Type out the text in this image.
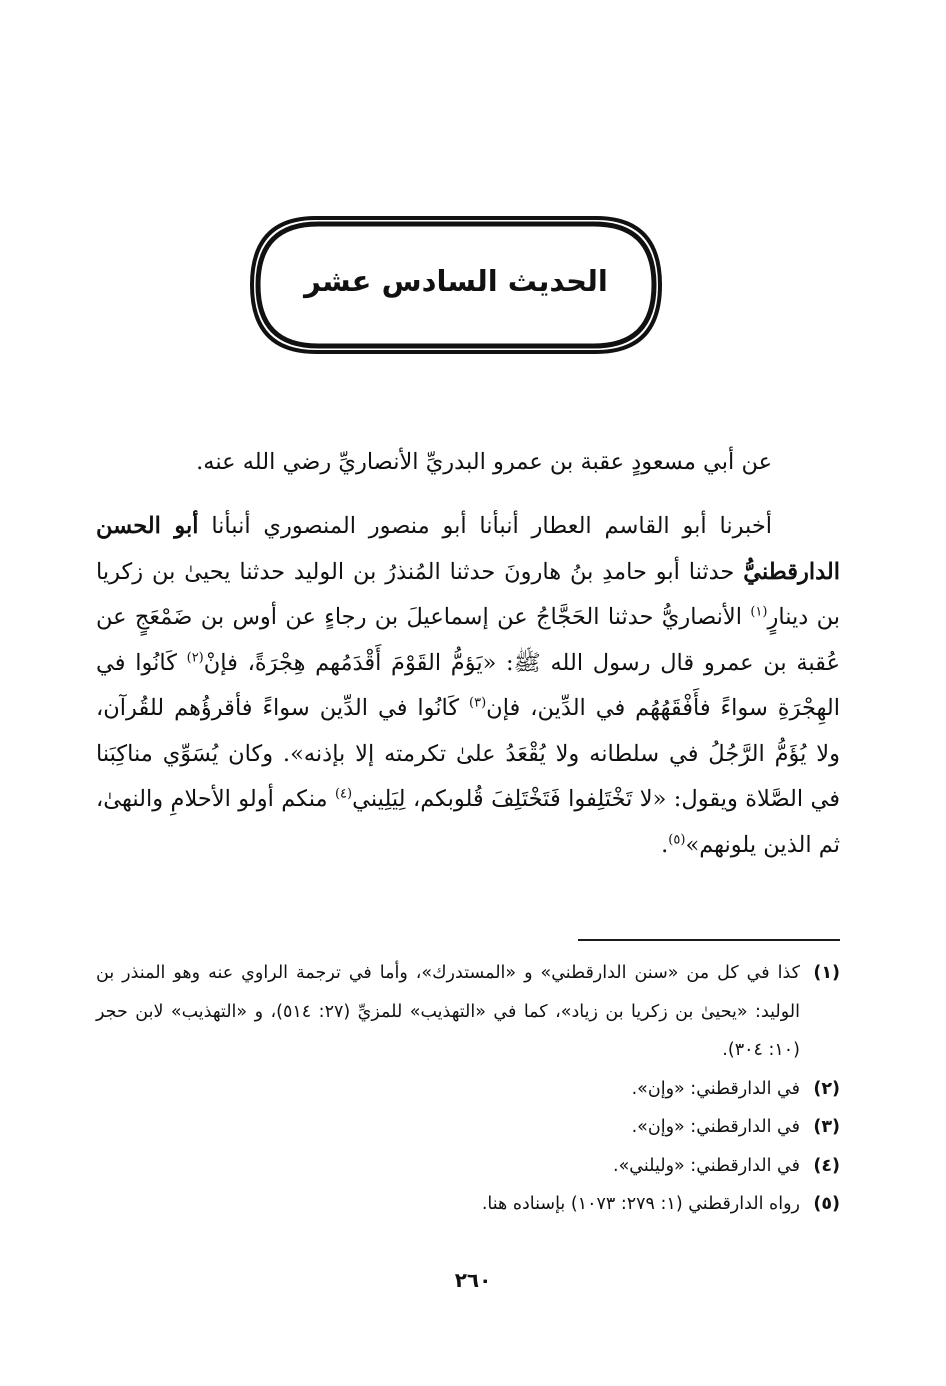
الحديث السادس عشر
عن أبي مسعودٍ عقبة بن عمرو البدريِّ الأنصاريِّ رضي الله عنه.

أخبرنا أبو القاسم العطار أنبأنا أبو منصور المنصوري أنبأنا أبو الحسن الدارقطنيُّ حدثنا أبو حامدِ بنُ هارونَ حدثنا المُنذرُ بن الوليد حدثنا يحيىٰ بن زكريا بن دينارٍ$^{(١)}$ الأنصاريُّ حدثنا الحَجَّاجُ عن إسماعيلَ بن رجاءٍ عن أوس بن ضَمْعَجٍ عن عُقبة بن عمرو قال رسول الله ﷺ: «يَؤمُّ القَوْمَ أَقْدَمُهم هِجْرَةً، فإنْ$^{(٢)}$ كَانُوا في الهِجْرَةِ سواءً فأَفْقَهُهُم في الدِّين، فإن$^{(٣)}$ كَانُوا في الدِّين سواءً فأقرؤُهم للقُرآن، ولا يُؤَمُّ الرَّجُلُ في سلطانه ولا يُقْعَدُ علىٰ تكرمته إلا بإذنه». وكان يُسَوِّي مناكِبَنا في الصَّلاة ويقول: «لا تَخْتَلِفوا فَتَخْتَلِفَ قُلوبكم، لِيَلِيني$^{(٤)}$ منكم أولو الأحلامِ والنهىٰ، ثم الذين يلونهم»$^{(٥)}$.

(١)
كذا في كل من «سنن الدارقطني» و «المستدرك»، وأما في ترجمة الراوي عنه وهو المنذر بن الوليد: «يحيىٰ بن زكريا بن زياد»، كما في «التهذيب» للمزيِّ (٢٧: ٥١٤)، و «التهذيب» لابن حجر (١٠: ٣٠٤).
(٢)
في الدارقطني: «وإن».
(٣)
في الدارقطني: «وإن».
(٤)
في الدارقطني: «وليلني».
(٥)
رواه الدارقطني (١: ٢٧٩: ١٠٧٣) بإسناده هنا.
٢٦٠
